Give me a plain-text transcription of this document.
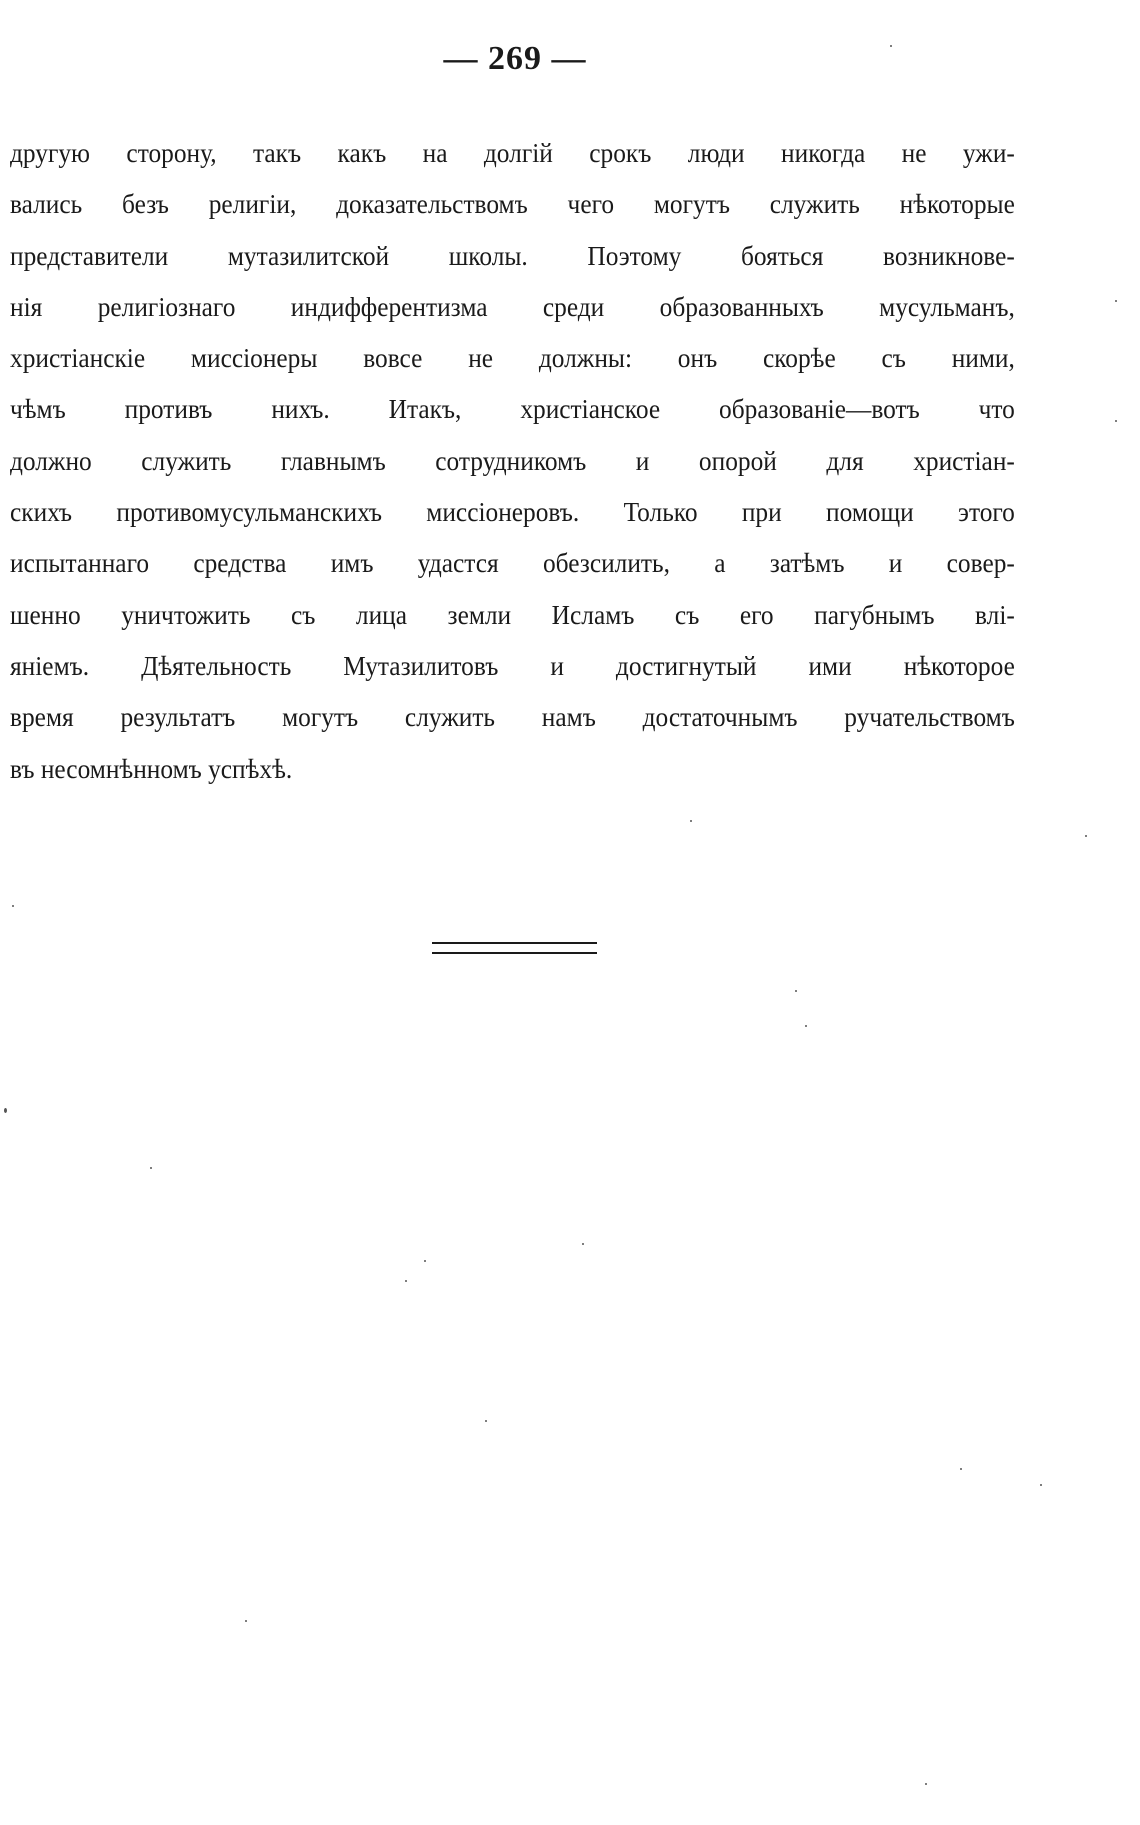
— 269 —
другую сторону, такъ какъ на долгій срокъ люди никогда не ужи-
вались безъ религіи, доказательствомъ чего могутъ служить нѣкоторые
представители мутазилитской школы. Поэтому бояться возникнове-
нія религіознаго индифферентизма среди образованныхъ мусульманъ,
христіанскіе миссіонеры вовсе не должны: онъ скорѣе съ ними,
чѣмъ противъ нихъ. Итакъ, христіанское образованіе—вотъ что
должно служить главнымъ сотрудникомъ и опорой для христіан-
скихъ противомусульманскихъ миссіонеровъ. Только при помощи этого
испытаннаго средства имъ удастся обезсилить, а затѣмъ и совер-
шенно уничтожить съ лица земли Исламъ съ его пагубнымъ влі-
яніемъ. Дѣятельность Мутазилитовъ и достигнутый ими нѣкоторое
время результатъ могутъ служить намъ достаточнымъ ручательствомъ
въ несомнѣнномъ успѣхѣ.
